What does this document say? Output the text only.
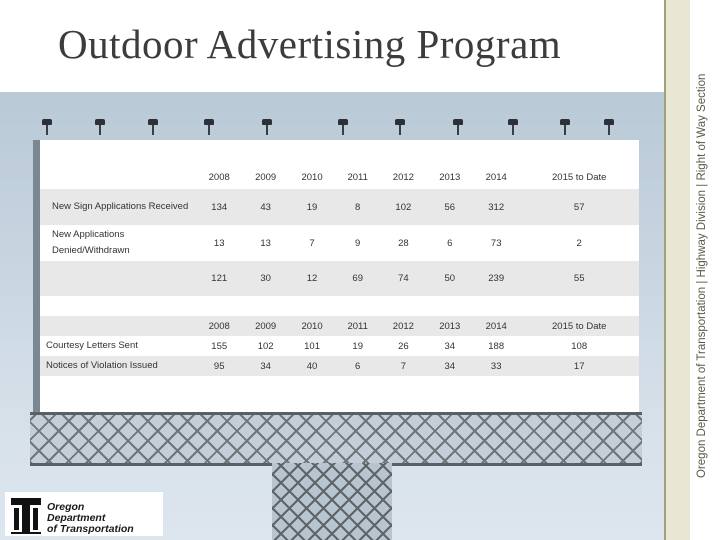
Outdoor Advertising Program
	2008	2009	2010	2011	2012	2013	2014	2015 to Date
New Sign Applications Received	134	43	19	8	102	56	312	57
New Applications Denied/Withdrawn	13	13	7	9	28	6	73	2
	121	30	12	69	74	50	239	55
	2008	2009	2010	2011	2012	2013	2014	2015 to Date
Courtesy Letters Sent	155	102	101	19	26	34	188	108
Notices of Violation Issued	95	34	40	6	7	34	33	17	Oregon Department of Transportation | Highway Division | Right of Way Section
Oregon
Department
of Transportation
